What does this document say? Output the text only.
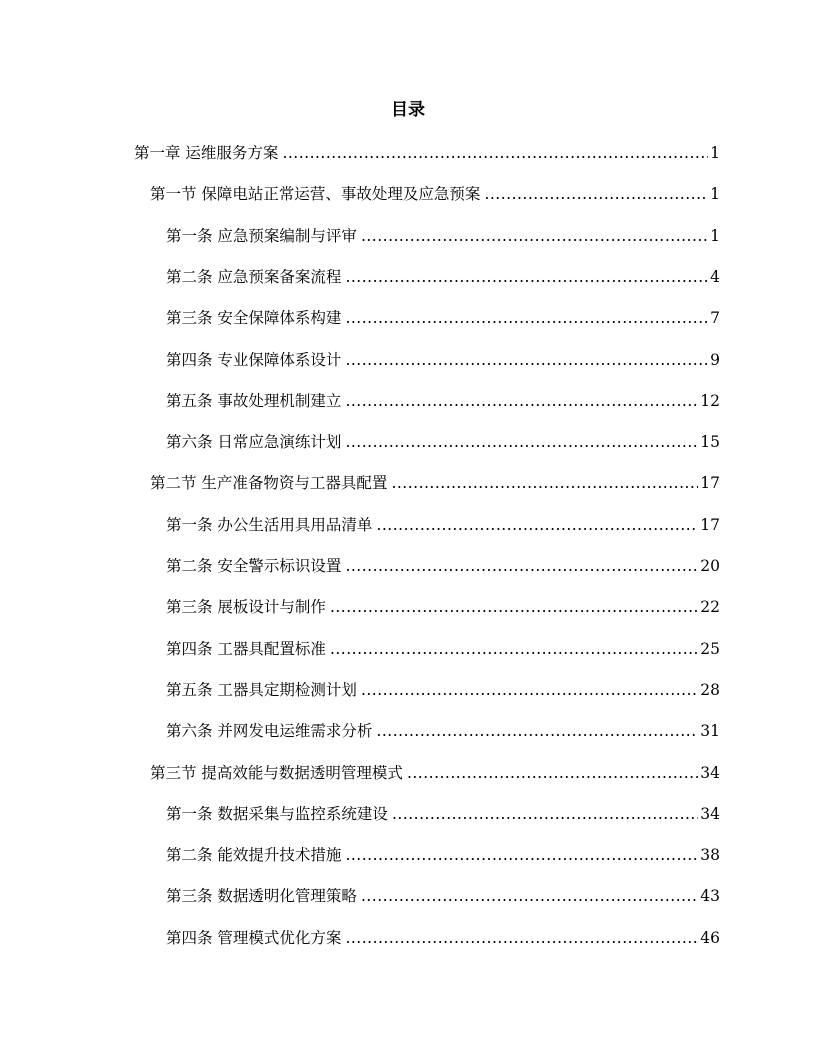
目录
第一章 运维服务方案 .....	1
第一节 保障电站正常运营、事故处理及应急预案 .....	1
第一条 应急预案编制与评审 .....	1
第二条 应急预案备案流程 .....	4
第三条 安全保障体系构建 .....	7
第四条 专业保障体系设计 .....	9
第五条 事故处理机制建立 .....	12
第六条 日常应急演练计划 .....	15
第二节 生产准备物资与工器具配置 .....	17
第一条 办公生活用具用品清单 .....	17
第二条 安全警示标识设置 .....	20
第三条 展板设计与制作 .....	22
第四条 工器具配置标准 .....	25
第五条 工器具定期检测计划 .....	28
第六条 并网发电运维需求分析 .....	31
第三节 提高效能与数据透明管理模式 .....	34
第一条 数据采集与监控系统建设 .....	34
第二条 能效提升技术措施 .....	38
第三条 数据透明化管理策略 .....	43
第四条 管理模式优化方案 .....	46
